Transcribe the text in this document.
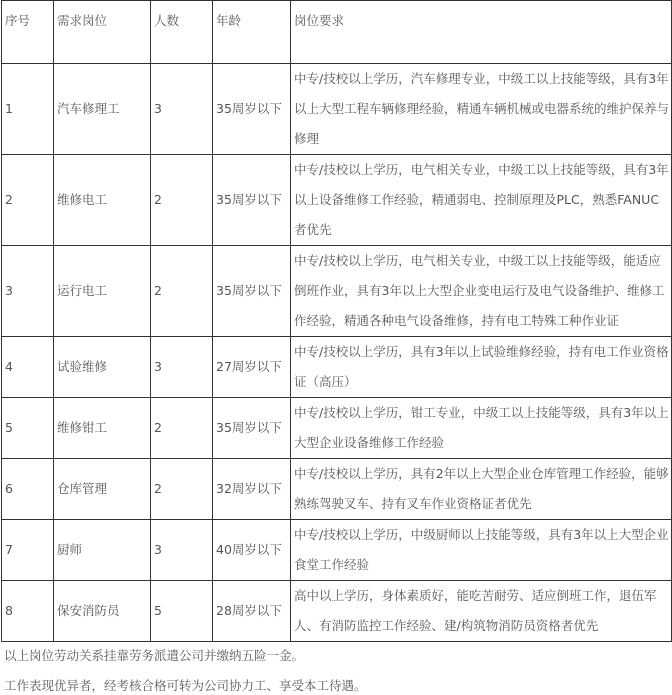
序号	需求岗位	人数	年龄	岗位要求
1	汽车修理工	3	35周岁以下	中专/技校以上学历，汽车修理专业，中级工以上技能等级，具有3年以上大型工程车辆修理经验，精通车辆机械或电器系统的维护保养与修理
2	维修电工	2	35周岁以下	中专/技校以上学历，电气相关专业，中级工以上技能等级，具有3年以上设备维修工作经验，精通弱电、控制原理及PLC，熟悉FANUC者优先
3	运行电工	2	35周岁以下	中专/技校以上学历，电气相关专业，中级工以上技能等级，能适应倒班作业，具有3年以上大型企业变电运行及电气设备维护、维修工作经验，精通各种电气设备维修，持有电工特殊工种作业证
4	试验维修	3	27周岁以下	中专/技校以上学历，具有3年以上试验维修经验，持有电工作业资格证（高压）
5	维修钳工	2	35周岁以下	中专/技校以上学历，钳工专业，中级工以上技能等级，具有3年以上大型企业设备维修工作经验
6	仓库管理	2	32周岁以下	中专/技校以上学历，具有2年以上大型企业仓库管理工作经验，能够熟练驾驶叉车、持有叉车作业资格证者优先
7	厨师	3	40周岁以下	中专/技校以上学历，中级厨师以上技能等级，具有3年以上大型企业食堂工作经验
8	保安消防员	5	28周岁以下	高中以上学历，身体素质好，能吃苦耐劳、适应倒班工作，退伍军人、有消防监控工作经验、建/构筑物消防员资格者优先
以上岗位劳动关系挂靠劳务派遣公司并缴纳五险一金。
工作表现优异者，经考核合格可转为公司协力工、享受本工待遇。
